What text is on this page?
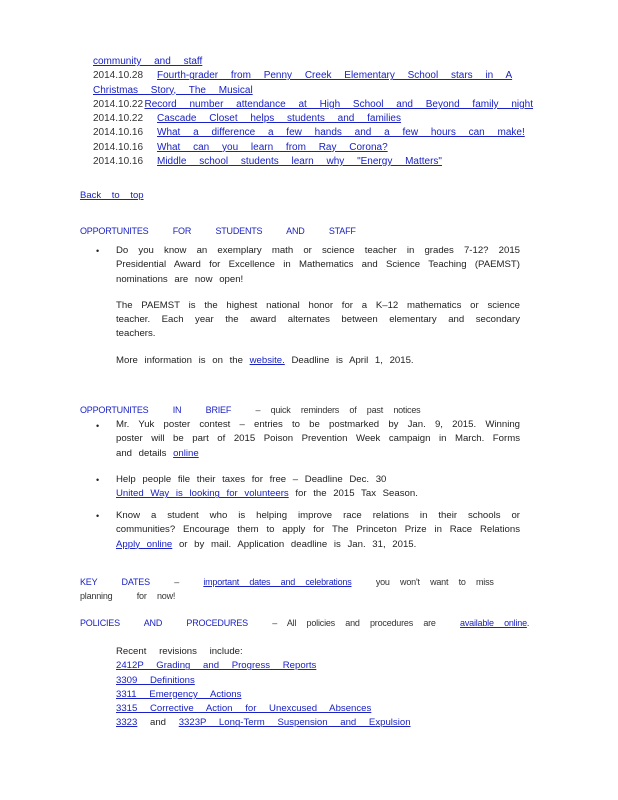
community and staff
2014.10.28	Fourth-grader from Penny Creek Elementary School stars in A
Christmas Story, The Musical
2014.10.22 Record number attendance at High School and Beyond family night
2014.10.22	Cascade Closet helps students and families
2014.10.16	What a difference a few hands and a few hours can make!
2014.10.16	What can you learn from Ray Corona?
2014.10.16	Middle school students learn why "Energy Matters"
Back to top
OPPORTUNITES FOR STUDENTS AND STAFF
• Do you know an exemplary math or science teacher in grades 7-12? 2015 Presidential Award for Excellence in Mathematics and Science Teaching (PAEMST) nominations are now open!

The PAEMST is the highest national honor for a K–12 mathematics or science teacher. Each year the award alternates between elementary and secondary teachers.

More information is on the website. Deadline is April 1, 2015.

OPPORTUNITES IN BRIEF	– quick reminders of past notices
• Mr. Yuk poster contest – entries to be postmarked by Jan. 9, 2015. Winning poster will be part of 2015 Poison Prevention Week campaign in March. Forms and details online
• Help people file their taxes for free – Deadline Dec. 30
United Way is looking for volunteers for the 2015 Tax Season.
• Know a student who is helping improve race relations in their schools or communities? Encourage them to apply for The Princeton Prize in Race Relations Apply online or by mail. Application deadline is Jan. 31, 2015.
KEY DATES	–	important dates and celebrations	you won't want to miss planning	for now!
POLICIES AND PROCEDURES	– All policies and procedures are	available online.
Recent revisions include:
2412P Grading and Progress Reports
3309 Definitions
3311 Emergency Actions
3315 Corrective Action for Unexcused Absences
3323 and 3323P Long-Term Suspension and Expulsion
